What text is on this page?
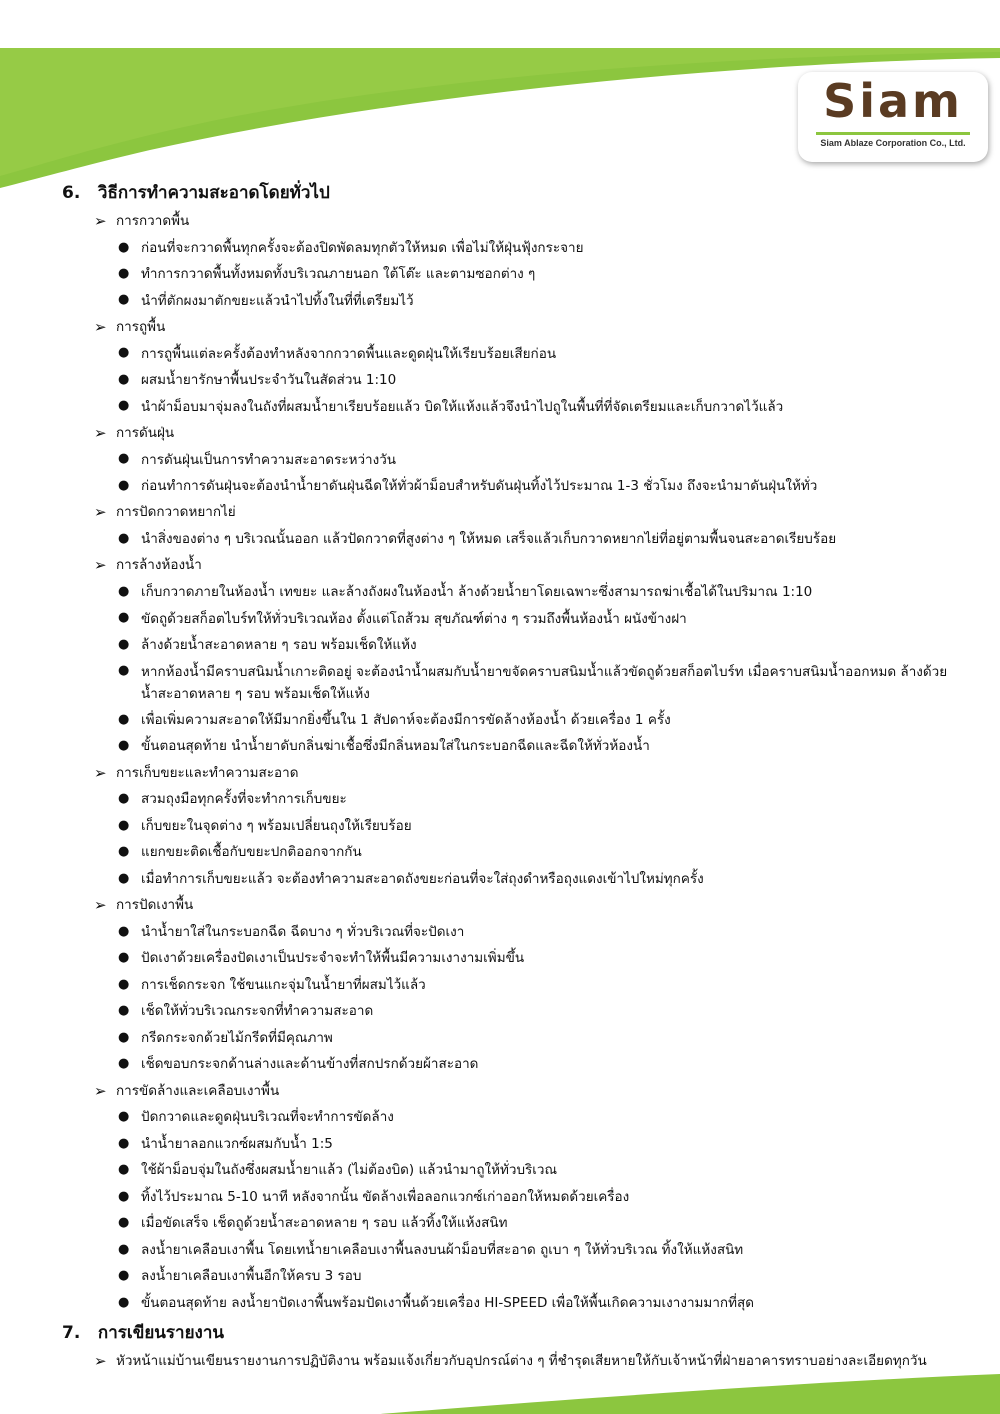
Siam
Siam Ablaze Corporation Co., Ltd.
6. วิธีการทำความสะอาดโดยทั่วไป
➢ การกวาดพื้น
● ก่อนที่จะกวาดพื้นทุกครั้งจะต้องปิดพัดลมทุกตัวให้หมด เพื่อไม่ให้ฝุ่นฟุ้งกระจาย
● ทำการกวาดพื้นทั้งหมดทั้งบริเวณภายนอก ใต้โต๊ะ และตามซอกต่าง ๆ
● นำที่ตักผงมาตักขยะแล้วนำไปทิ้งในที่ที่เตรียมไว้
➢ การถูพื้น
● การถูพื้นแต่ละครั้งต้องทำหลังจากกวาดพื้นและดูดฝุ่นให้เรียบร้อยเสียก่อน
● ผสมน้ำยารักษาพื้นประจำวันในสัดส่วน 1:10
● นำผ้าม็อบมาจุ่มลงในถังที่ผสมน้ำยาเรียบร้อยแล้ว บิดให้แห้งแล้วจึงนำไปถูในพื้นที่ที่จัดเตรียมและเก็บกวาดไว้แล้ว
➢ การดันฝุ่น
● การดันฝุ่นเป็นการทำความสะอาดระหว่างวัน
● ก่อนทำการดันฝุ่นจะต้องนำน้ำยาดันฝุ่นฉีดให้ทั่วผ้าม็อบสำหรับดันฝุ่นทิ้งไว้ประมาณ 1-3 ชั่วโมง ถึงจะนำมาดันฝุ่นให้ทั่ว
➢ การปัดกวาดหยากไย่
● นำสิ่งของต่าง ๆ บริเวณนั้นออก แล้วปัดกวาดที่สูงต่าง ๆ ให้หมด เสร็จแล้วเก็บกวาดหยากไย่ที่อยู่ตามพื้นจนสะอาดเรียบร้อย
➢ การล้างห้องน้ำ
● เก็บกวาดภายในห้องน้ำ เทขยะ และล้างถังผงในห้องน้ำ ล้างด้วยน้ำยาโดยเฉพาะซึ่งสามารถฆ่าเชื้อได้ในปริมาณ 1:10
● ขัดถูด้วยสก็อตไบร์ทให้ทั่วบริเวณห้อง ตั้งแต่โถส้วม สุขภัณฑ์ต่าง ๆ รวมถึงพื้นห้องน้ำ ผนังข้างฝา
● ล้างด้วยน้ำสะอาดหลาย ๆ รอบ พร้อมเช็ดให้แห้ง
● หากห้องน้ำมีคราบสนิมน้ำเกาะติดอยู่ จะต้องนำน้ำผสมกับน้ำยาขจัดคราบสนิมน้ำแล้วขัดถูด้วยสก็อตไบร์ท เมื่อคราบสนิมน้ำออกหมด ล้างด้วยน้ำสะอาดหลาย ๆ รอบ พร้อมเช็ดให้แห้ง
● เพื่อเพิ่มความสะอาดให้มีมากยิ่งขึ้นใน 1 สัปดาห์จะต้องมีการขัดล้างห้องน้ำ ด้วยเครื่อง 1 ครั้ง
● ขั้นตอนสุดท้าย นำน้ำยาดับกลิ่นฆ่าเชื้อซึ่งมีกลิ่นหอมใส่ในกระบอกฉีดและฉีดให้ทั่วห้องน้ำ
➢ การเก็บขยะและทำความสะอาด
● สวมถุงมือทุกครั้งที่จะทำการเก็บขยะ
● เก็บขยะในจุดต่าง ๆ พร้อมเปลี่ยนถุงให้เรียบร้อย
● แยกขยะติดเชื้อกับขยะปกติออกจากกัน
● เมื่อทำการเก็บขยะแล้ว จะต้องทำความสะอาดถังขยะก่อนที่จะใส่ถุงดำหรือถุงแดงเข้าไปใหม่ทุกครั้ง
➢ การปัดเงาพื้น
● นำน้ำยาใส่ในกระบอกฉีด ฉีดบาง ๆ ทั่วบริเวณที่จะปัดเงา
● ปัดเงาด้วยเครื่องปัดเงาเป็นประจำจะทำให้พื้นมีความเงางามเพิ่มขึ้น
● การเช็ดกระจก ใช้ขนแกะจุ่มในน้ำยาที่ผสมไว้แล้ว
● เช็ดให้ทั่วบริเวณกระจกที่ทำความสะอาด
● กรีดกระจกด้วยไม้กรีดที่มีคุณภาพ
● เช็ดขอบกระจกด้านล่างและด้านข้างที่สกปรกด้วยผ้าสะอาด
➢ การขัดล้างและเคลือบเงาพื้น
● ปัดกวาดและดูดฝุ่นบริเวณที่จะทำการขัดล้าง
● นำน้ำยาลอกแวกซ์ผสมกับน้ำ 1:5
● ใช้ผ้าม็อบจุ่มในถังซึ่งผสมน้ำยาแล้ว (ไม่ต้องบิด) แล้วนำมาถูให้ทั่วบริเวณ
● ทิ้งไว้ประมาณ 5-10 นาที หลังจากนั้น ขัดล้างเพื่อลอกแวกซ์เก่าออกให้หมดด้วยเครื่อง
● เมื่อขัดเสร็จ เช็ดถูด้วยน้ำสะอาดหลาย ๆ รอบ แล้วทิ้งให้แห้งสนิท
● ลงน้ำยาเคลือบเงาพื้น โดยเทน้ำยาเคลือบเงาพื้นลงบนผ้าม็อบที่สะอาด ถูเบา ๆ ให้ทั่วบริเวณ ทิ้งให้แห้งสนิท
● ลงน้ำยาเคลือบเงาพื้นอีกให้ครบ 3 รอบ
● ขั้นตอนสุดท้าย ลงน้ำยาปัดเงาพื้นพร้อมปัดเงาพื้นด้วยเครื่อง HI-SPEED เพื่อให้พื้นเกิดความเงางามมากที่สุด
7. การเขียนรายงาน
➢ หัวหน้าแม่บ้านเขียนรายงานการปฏิบัติงาน พร้อมแจ้งเกี่ยวกับอุปกรณ์ต่าง ๆ ที่ชำรุดเสียหายให้กับเจ้าหน้าที่ฝ่ายอาคารทราบอย่างละเอียดทุกวัน
